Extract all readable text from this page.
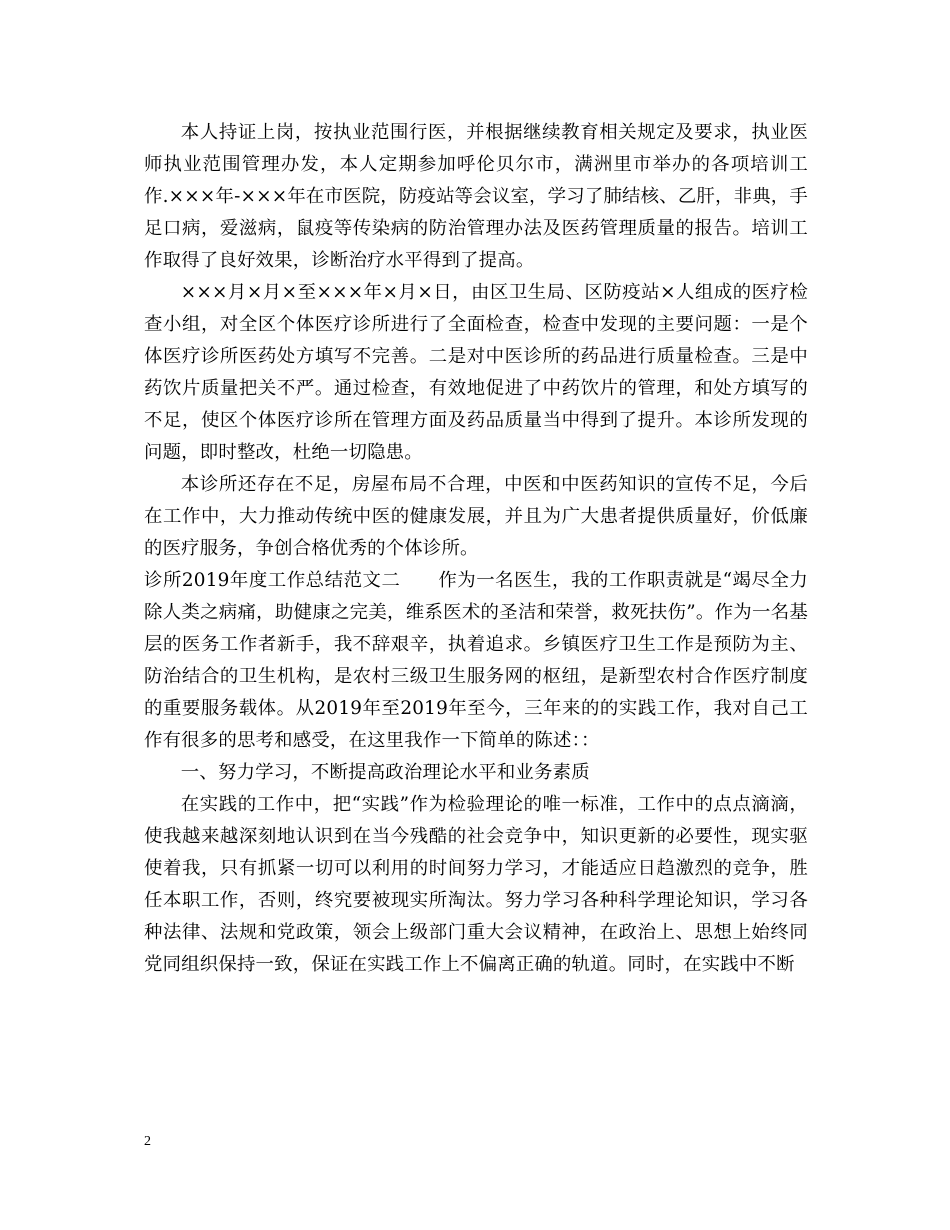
本人持证上岗，按执业范围行医，并根据继续教育相关规定及要求，执业医师执业范围管理办发，本人定期参加呼伦贝尔市，满洲里市举办的各项培训工作.×××年-×××年在市医院，防疫站等会议室，学习了肺结核、乙肝，非典，手足口病，爱滋病，鼠疫等传染病的防治管理办法及医药管理质量的报告。培训工作取得了良好效果，诊断治疗水平得到了提高。

×××月×月×至×××年×月×日，由区卫生局、区防疫站×人组成的医疗检查小组，对全区个体医疗诊所进行了全面检查，检查中发现的主要问题：一是个体医疗诊所医药处方填写不完善。二是对中医诊所的药品进行质量检查。三是中药饮片质量把关不严。通过检查，有效地促进了中药饮片的管理，和处方填写的不足，使区个体医疗诊所在管理方面及药品质量当中得到了提升。本诊所发现的问题，即时整改，杜绝一切隐患。

本诊所还存在不足，房屋布局不合理，中医和中医药知识的宣传不足，今后在工作中，大力推动传统中医的健康发展，并且为广大患者提供质量好，价低廉的医疗服务，争创合格优秀的个体诊所。

诊所2019年度工作总结范文二　　作为一名医生，我的工作职责就是“竭尽全力除人类之病痛，助健康之完美，维系医术的圣洁和荣誉，救死扶伤”。作为一名基层的医务工作者新手，我不辞艰辛，执着追求。乡镇医疗卫生工作是预防为主、防治结合的卫生机构，是农村三级卫生服务网的枢纽，是新型农村合作医疗制度的重要服务载体。从2019年至2019年至今，三年来的的实践工作，我对自己工作有很多的思考和感受，在这里我作一下简单的陈述：：

一、努力学习，不断提高政治理论水平和业务素质

在实践的工作中，把“实践”作为检验理论的唯一标准，工作中的点点滴滴，使我越来越深刻地认识到在当今残酷的社会竞争中，知识更新的必要性，现实驱使着我，只有抓紧一切可以利用的时间努力学习，才能适应日趋激烈的竞争，胜任本职工作，否则，终究要被现实所淘汰。努力学习各种科学理论知识，学习各种法律、法规和党政策，领会上级部门重大会议精神，在政治上、思想上始终同党同组织保持一致，保证在实践工作上不偏离正确的轨道。同时，在实践中不断

2
